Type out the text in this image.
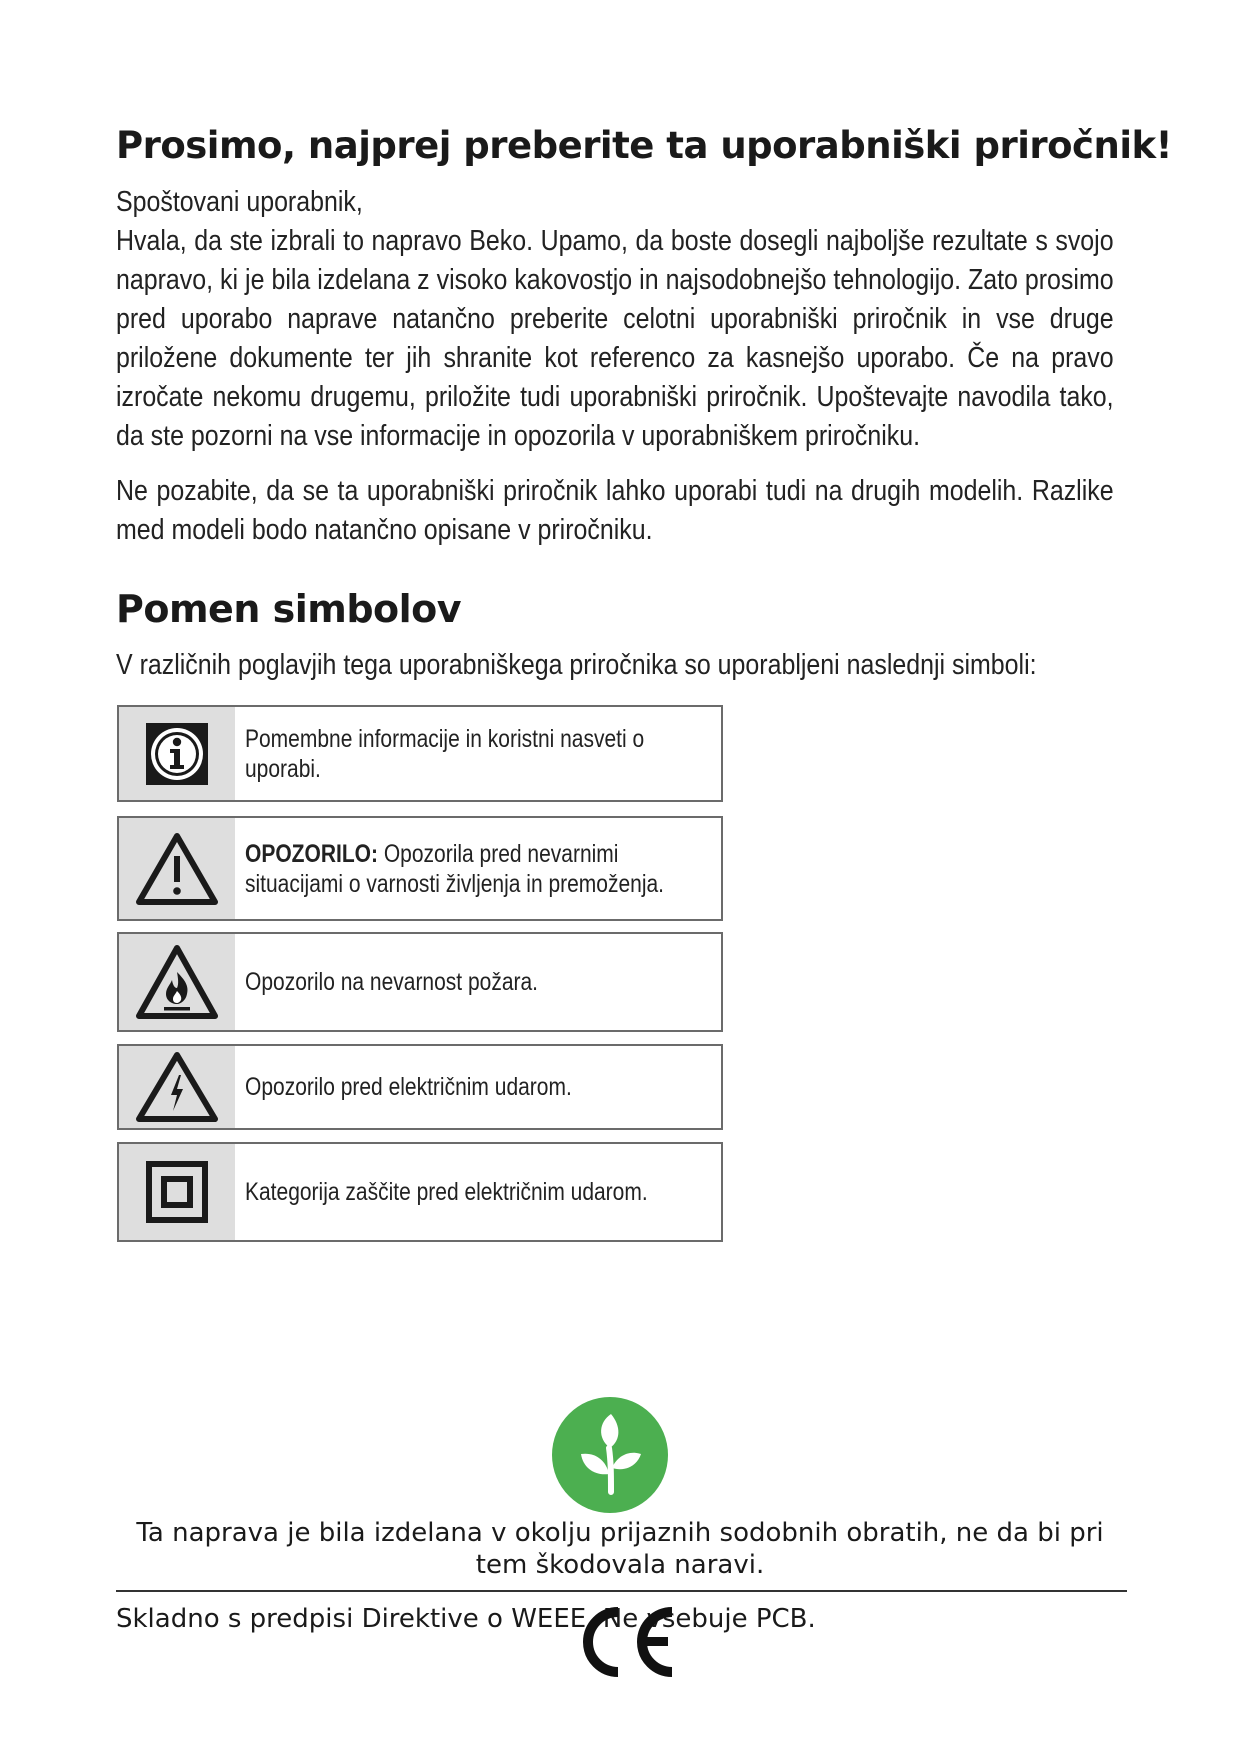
Prosimo, najprej preberite ta uporabniški priročnik!

Spoštovani uporabnik,

Hvala, da ste izbrali to napravo Beko. Upamo, da boste dosegli najboljše rezultate s svojo napravo, ki je bila izdelana z visoko kakovostjo in najsodobnejšo tehnologijo. Zato prosimo pred uporabo naprave natančno preberite celotni uporabniški priročnik in vse druge priložene dokumente ter jih shranite kot referenco za kasnejšo uporabo. Če na pravo izročate nekomu drugemu, priložite tudi uporabniški priročnik. Upoštevajte navodila tako, da ste pozorni na vse informacije in opozorila v uporabniškem priročniku.

Ne pozabite, da se ta uporabniški priročnik lahko uporabi tudi na drugih modelih. Razlike med modeli bodo natančno opisane v priročniku.

Pomen simbolov

V različnih poglavjih tega uporabniškega priročnika so uporabljeni naslednji simboli:

Pomembne informacije in koristni nasveti o uporabi.
OPOZORILO: Opozorila pred nevarnimi situacijami o varnosti življenja in premoženja.
Opozorilo na nevarnost požara.
Opozorilo pred električnim udarom.
Kategorija zaščite pred električnim udarom.

Ta naprava je bila izdelana v okolju prijaznih sodobnih obratih, ne da bi pri tem škodovala naravi.

Skladno s predpisi Direktive o WEEE. Ne vsebuje PCB.
